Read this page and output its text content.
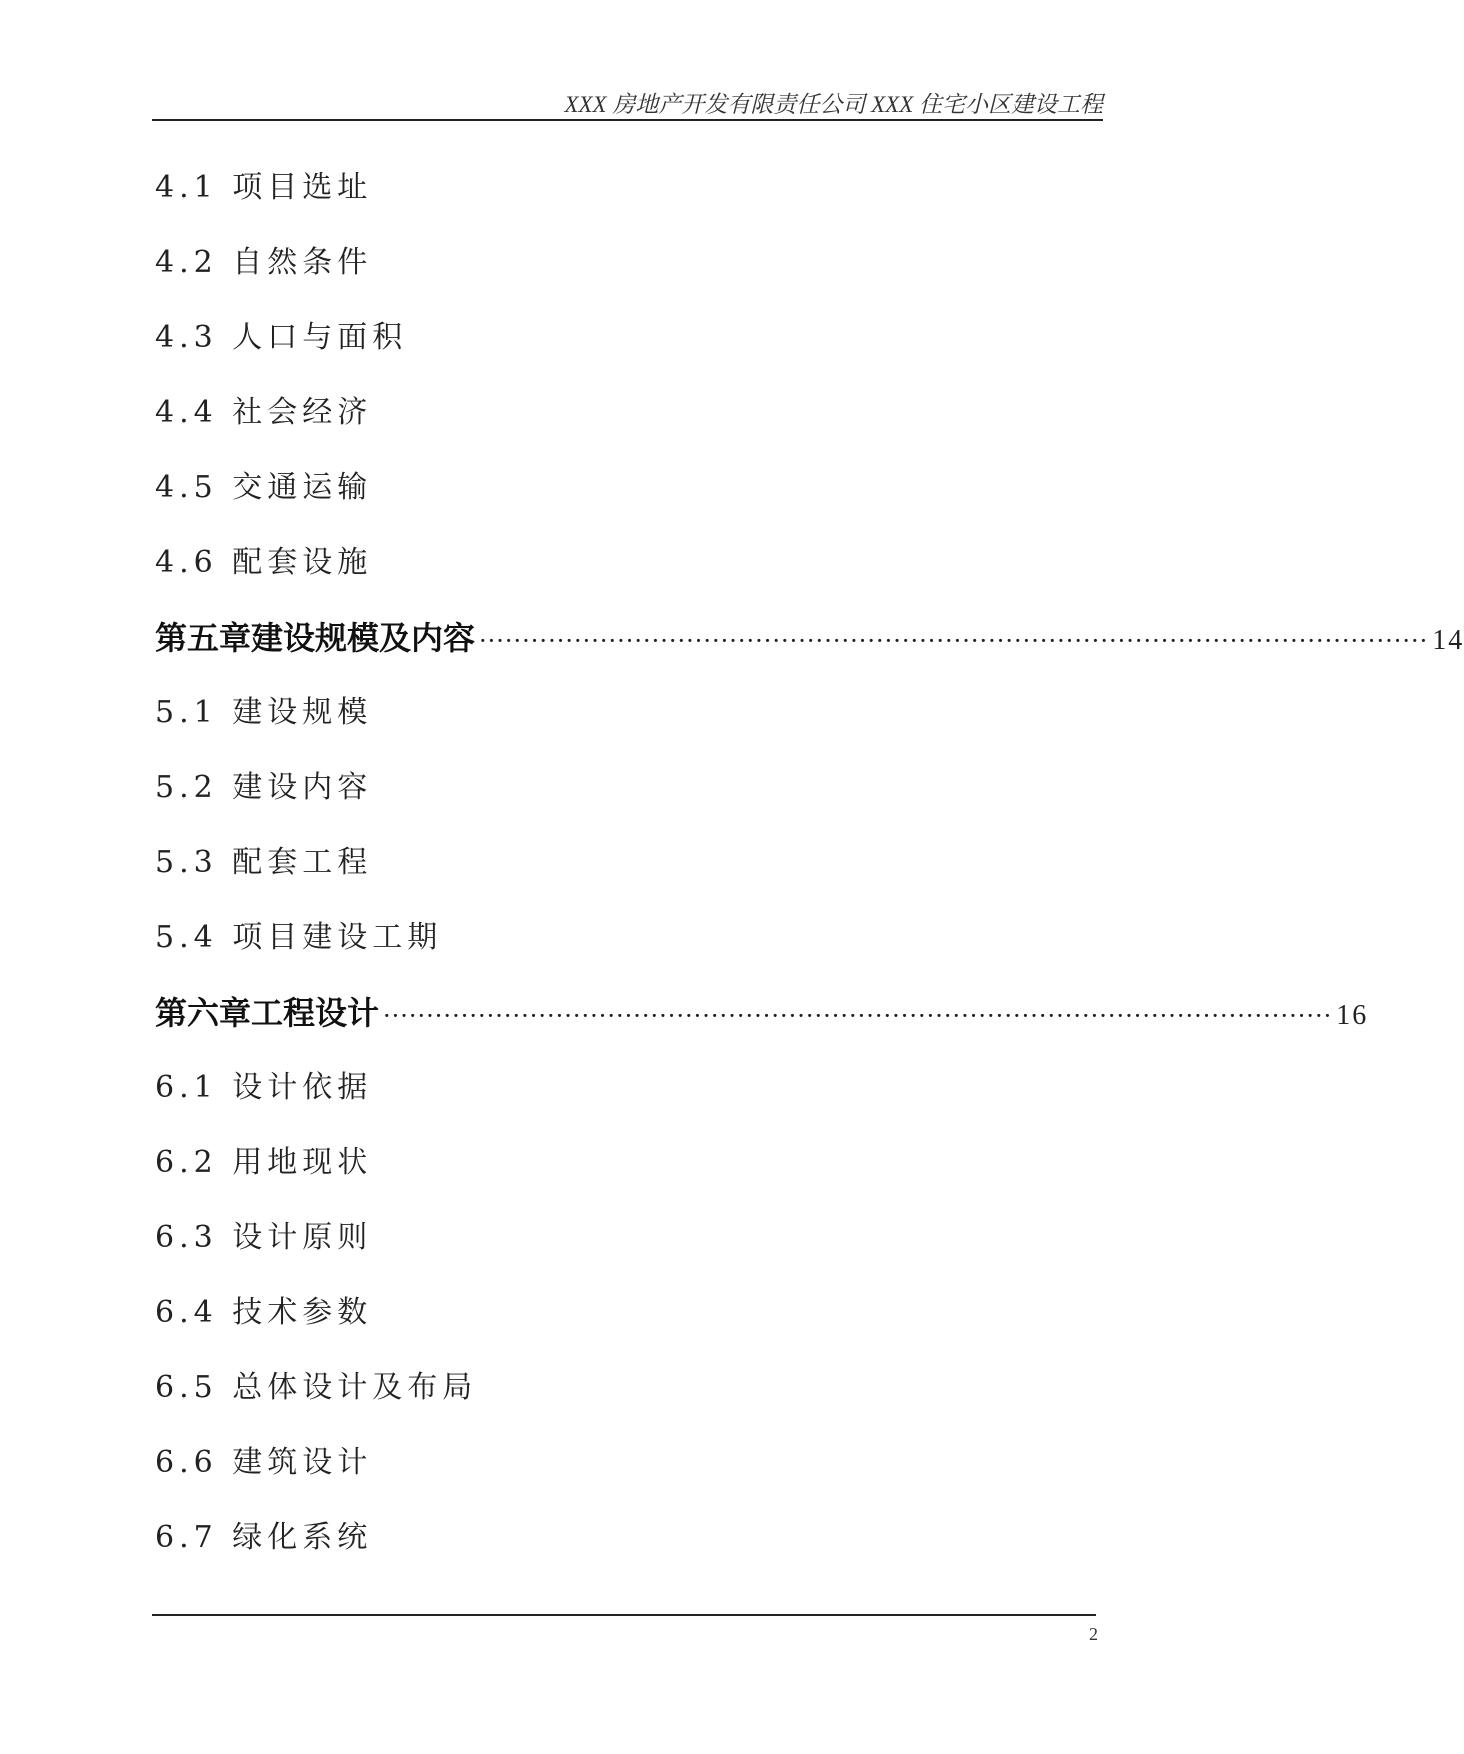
XXX 房地产开发有限责任公司 XXX 住宅小区建设工程
4.1 项目选址
4.2 自然条件
4.3 人口与面积
4.4 社会经济
4.5 交通运输
4.6 配套设施
第五章 建设规模及内容 ·············································································································· 14
5.1 建设规模
5.2 建设内容
5.3 配套工程
5.4 项目建设工期
第六章 工程设计 ·············································································································· 16
6.1 设计依据
6.2 用地现状
6.3 设计原则
6.4 技术参数
6.5 总体设计及布局
6.6 建筑设计
6.7 绿化系统
2
